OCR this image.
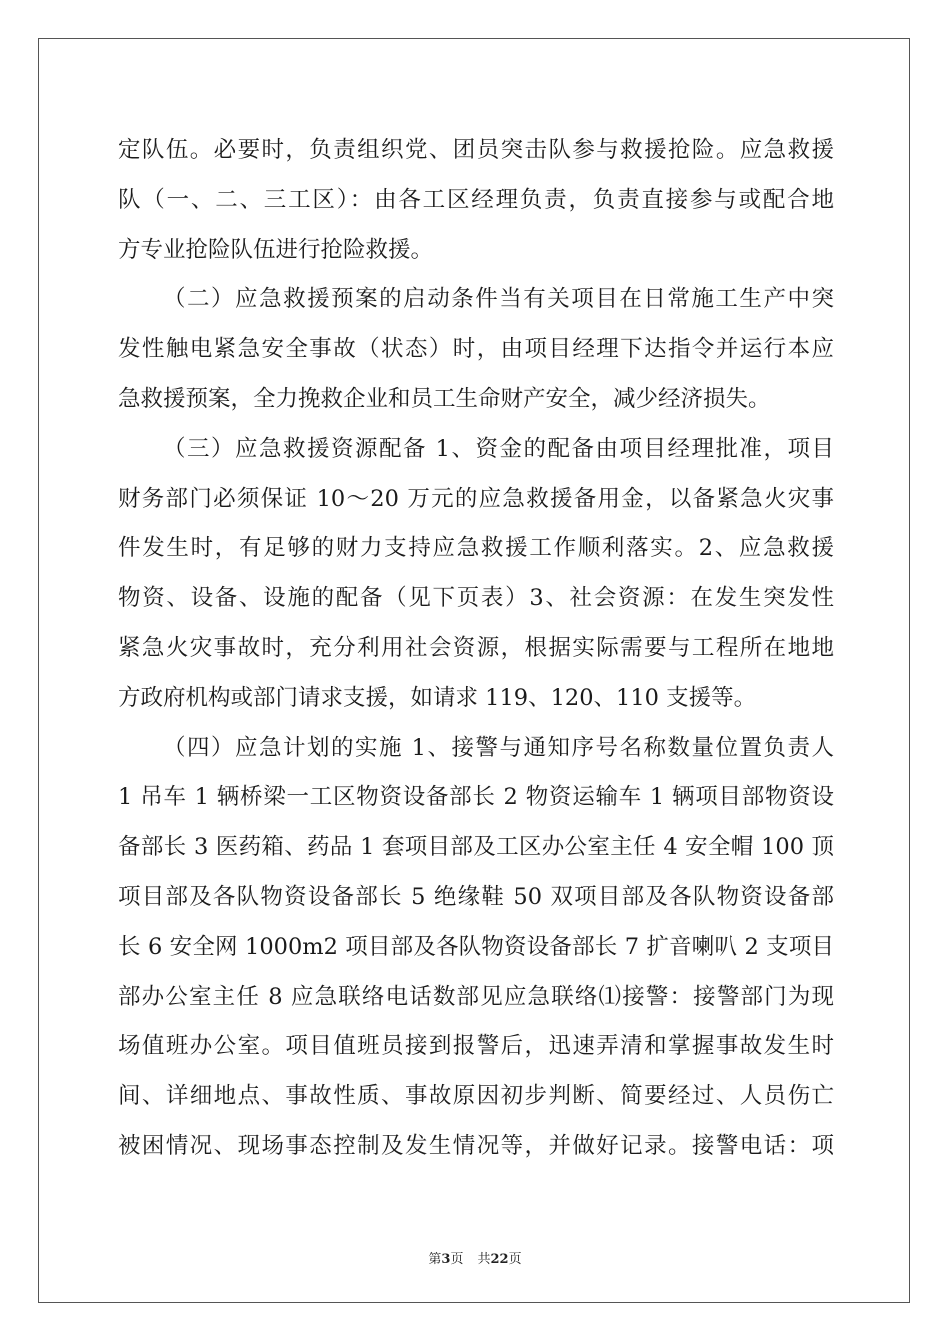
定队伍。必要时，负责组织党、团员突击队参与救援抢险。应急救援
队（一、二、三工区）：由各工区经理负责，负责直接参与或配合地
方专业抢险队伍进行抢险救援。
（二）应急救援预案的启动条件当有关项目在日常施工生产中突
发性触电紧急安全事故（状态）时，由项目经理下达指令并运行本应
急救援预案，全力挽救企业和员工生命财产安全，减少经济损失。
（三）应急救援资源配备 1、资金的配备由项目经理批准，项目
财务部门必须保证 10～20 万元的应急救援备用金，以备紧急火灾事
件发生时，有足够的财力支持应急救援工作顺利落实。2、应急救援
物资、设备、设施的配备（见下页表）3、社会资源：在发生突发性
紧急火灾事故时，充分利用社会资源，根据实际需要与工程所在地地
方政府机构或部门请求支援，如请求 119、120、110 支援等。
（四）应急计划的实施 1、接警与通知序号名称数量位置负责人
1 吊车 1 辆桥梁一工区物资设备部长 2 物资运输车 1 辆项目部物资设
备部长 3 医药箱、药品 1 套项目部及工区办公室主任 4 安全帽 100 顶
项目部及各队物资设备部长 5 绝缘鞋 50 双项目部及各队物资设备部
长 6 安全网 1000m2 项目部及各队物资设备部长 7 扩音喇叭 2 支项目
部办公室主任 8 应急联络电话数部见应急联络⑴接警：接警部门为现
场值班办公室。项目值班员接到报警后，迅速弄清和掌握事故发生时
间、详细地点、事故性质、事故原因初步判断、简要经过、人员伤亡
被困情况、现场事态控制及发生情况等，并做好记录。接警电话：项
第3页 共22页
